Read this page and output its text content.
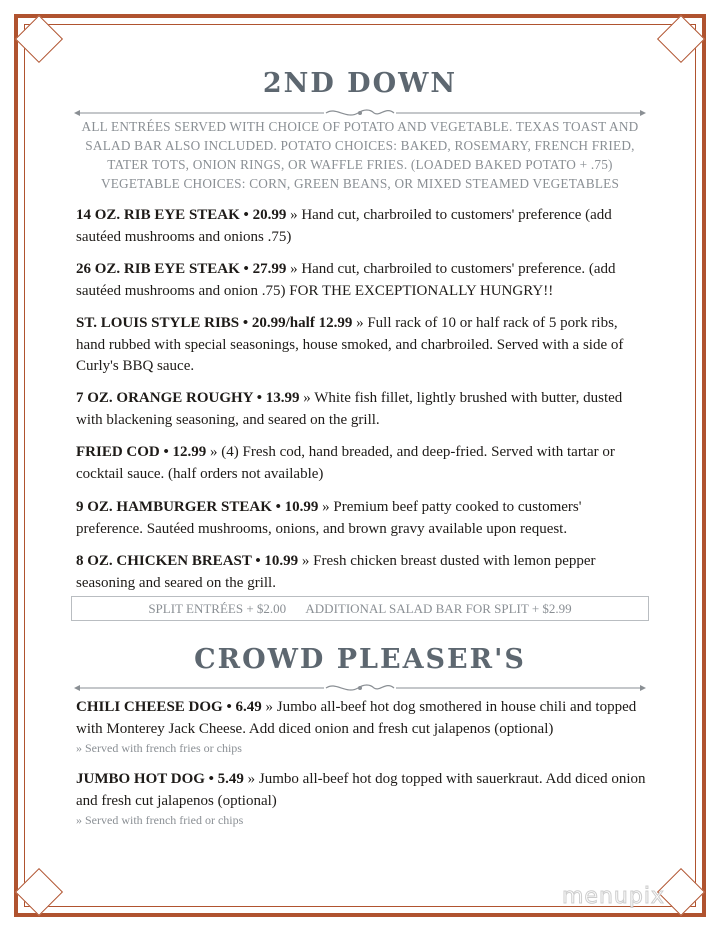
2ND DOWN
ALL ENTRÉES SERVED WITH CHOICE OF POTATO AND VEGETABLE. TEXAS TOAST AND SALAD BAR ALSO INCLUDED. POTATO CHOICES: BAKED, ROSEMARY, FRENCH FRIED, TATER TOTS, ONION RINGS, OR WAFFLE FRIES. (LOADED BAKED POTATO + .75) VEGETABLE CHOICES: CORN, GREEN BEANS, OR MIXED STEAMED VEGETABLES
14 OZ. RIB EYE STEAK • 20.99 » Hand cut, charbroiled to customers' preference (add sautéed mushrooms and onions .75)
26 OZ. RIB EYE STEAK • 27.99 » Hand cut, charbroiled to customers' preference. (add sautéed mushrooms and onion .75) FOR THE EXCEPTIONALLY HUNGRY!!
ST. LOUIS STYLE RIBS • 20.99/half 12.99 » Full rack of 10 or half rack of 5 pork ribs, hand rubbed with special seasonings, house smoked, and charbroiled. Served with a side of Curly's BBQ sauce.
7 OZ. ORANGE ROUGHY • 13.99 » White fish fillet, lightly brushed with butter, dusted with blackening seasoning, and seared on the grill.
FRIED COD • 12.99 » (4) Fresh cod, hand breaded, and deep-fried. Served with tartar or cocktail sauce. (half orders not available)
9 OZ. HAMBURGER STEAK • 10.99 » Premium beef patty cooked to customers' preference. Sautéed mushrooms, onions, and brown gravy available upon request.
8 OZ. CHICKEN BREAST • 10.99 » Fresh chicken breast dusted with lemon pepper seasoning and seared on the grill.
SPLIT ENTRÉES + $2.00 ADDITIONAL SALAD BAR FOR SPLIT + $2.99
CROWD PLEASER'S
CHILI CHEESE DOG • 6.49 » Jumbo all-beef hot dog smothered in house chili and topped with Monterey Jack Cheese. Add diced onion and fresh cut jalapenos (optional)
» Served with french fries or chips
JUMBO HOT DOG • 5.49 » Jumbo all-beef hot dog topped with sauerkraut. Add diced onion and fresh cut jalapenos (optional)
» Served with french fried or chips
menupix
